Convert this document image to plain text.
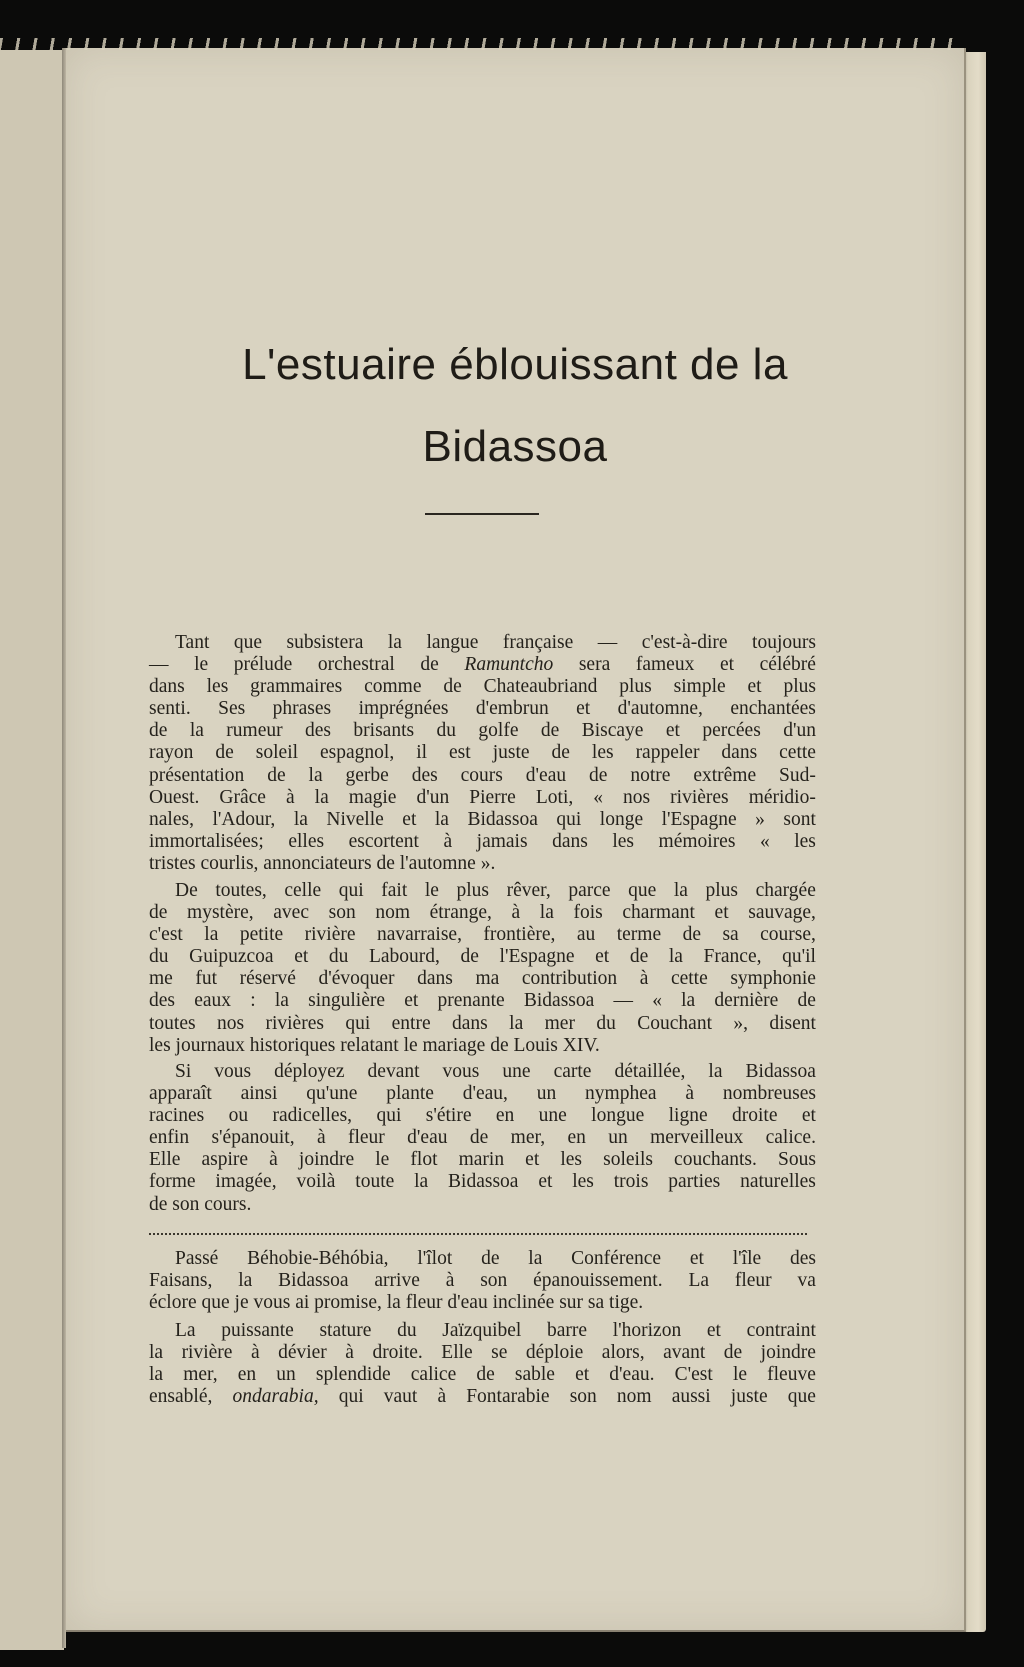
L'estuaire éblouissant de la
Bidassoa
Tant que subsistera la langue française — c'est-à-dire toujours
— le prélude orchestral de Ramuntcho sera fameux et célébré
dans les grammaires comme de Chateaubriand plus simple et plus
senti. Ses phrases imprégnées d'embrun et d'automne, enchantées
de la rumeur des brisants du golfe de Biscaye et percées d'un
rayon de soleil espagnol, il est juste de les rappeler dans cette
présentation de la gerbe des cours d'eau de notre extrême Sud-
Ouest. Grâce à la magie d'un Pierre Loti, « nos rivières méridio-
nales, l'Adour, la Nivelle et la Bidassoa qui longe l'Espagne » sont
immortalisées; elles escortent à jamais dans les mémoires « les
tristes courlis, annonciateurs de l'automne ».
De toutes, celle qui fait le plus rêver, parce que la plus chargée
de mystère, avec son nom étrange, à la fois charmant et sauvage,
c'est la petite rivière navarraise, frontière, au terme de sa course,
du Guipuzcoa et du Labourd, de l'Espagne et de la France, qu'il
me fut réservé d'évoquer dans ma contribution à cette symphonie
des eaux : la singulière et prenante Bidassoa — « la dernière de
toutes nos rivières qui entre dans la mer du Couchant », disent
les journaux historiques relatant le mariage de Louis XIV.
Si vous déployez devant vous une carte détaillée, la Bidassoa
apparaît ainsi qu'une plante d'eau, un nymphea à nombreuses
racines ou radicelles, qui s'étire en une longue ligne droite et
enfin s'épanouit, à fleur d'eau de mer, en un merveilleux calice.
Elle aspire à joindre le flot marin et les soleils couchants. Sous
forme imagée, voilà toute la Bidassoa et les trois parties naturelles
de son cours.
Passé Béhobie-Béhóbia, l'îlot de la Conférence et l'île des
Faisans, la Bidassoa arrive à son épanouissement. La fleur va
éclore que je vous ai promise, la fleur d'eau inclinée sur sa tige.
La puissante stature du Jaïzquibel barre l'horizon et contraint
la rivière à dévier à droite. Elle se déploie alors, avant de joindre
la mer, en un splendide calice de sable et d'eau. C'est le fleuve
ensablé, ondarabia, qui vaut à Fontarabie son nom aussi juste que
